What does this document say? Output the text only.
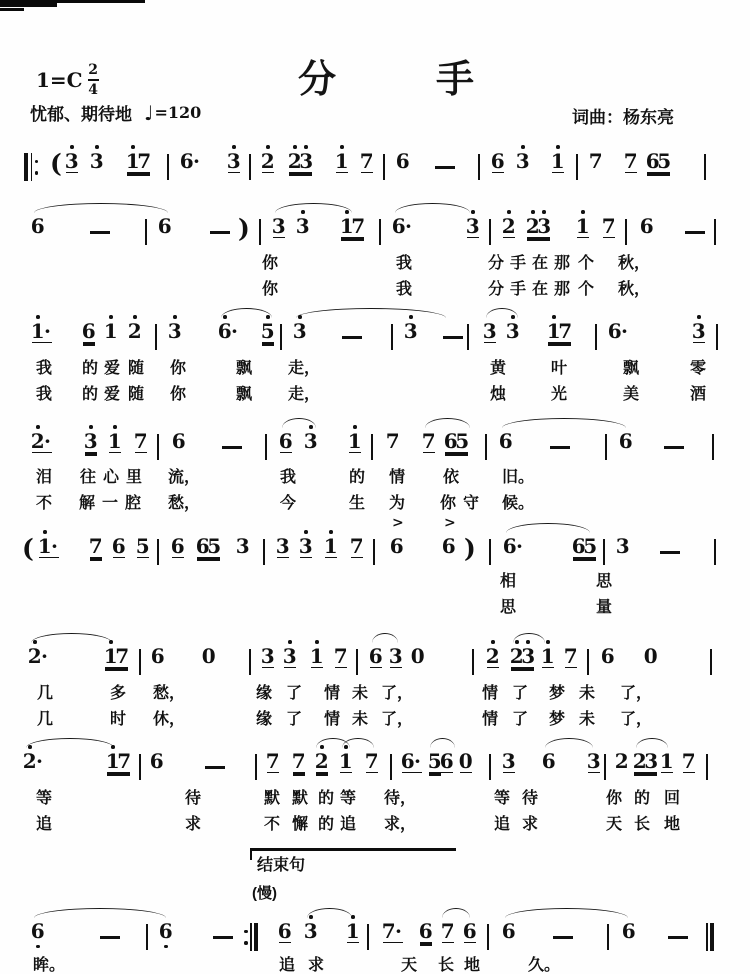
分手
$1=C \frac{2}{4}$
忧郁、期待地 ♩ =120	词曲：杨东亮
结束句
(慢)
( 3 3 1
7 6 · 3 2 2
3 1 7 6	6 3 1 7 7 6
5
6	6	) 3 3 1
7 6 ·	3 2 2
3 1 7 6
你	我	分 手 在 那 个 秋，
你	我	分 手 在 那 个 秋，
1 · 6 1 2 3 6 · 5 3	3	3 3 1
7 6 ·	3
我 的 爱 随 你	飘 走，	黄	叶	飘	零
我 的 爱 随 你	飘 走，	烛	光	美	酒
2 · 3 1 7 6	6 3 1 7 7 6
5 6	6
泪 往 心 里 流，	我	的 情 依	旧。
不 解 一 腔 愁，	今	生 为 你 守 候。
( 1 · 7 6 5 6 6
5 3 3 3 1 7
>
6
>
6 ) 6 · 6
5 3
相	思
思	量
2 ·	1
7 6 0 3 3 1 7 6 3 0	2 2
3 1 7 6 0
几	多 愁，	缘 了 情 未 了，	情 了 梦 未 了，
几	时 休，	缘 了 情 未 了，	情 了 梦 未 了，
2 ·	1
7 6	7 7 2 1 7 6 · 5
6 0 3 6 3 2 2
3 1 7
等	待	默 默 的 等 待，	等 待	你 的 回
追	求	不 懈 的 追 求，	追 求	天 长 地
6	6	6 3 1 7 · 6 7 6 6	6
眸。	追 求	天 长 地	久。
